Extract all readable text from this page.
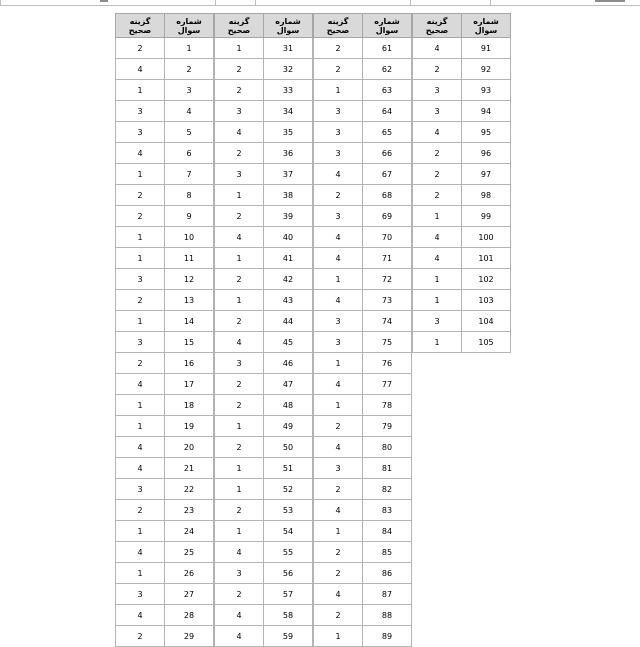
گزینه
صحیح	شماره
سوال
2	1
4	2
1	3
3	4
3	5
4	6
1	7
2	8
2	9
1	10
1	11
3	12
2	13
1	14
3	15
2	16
4	17
1	18
1	19
4	20
4	21
3	22
2	23
1	24
4	25
1	26
3	27
4	28
2	29
گزینه
صحیح	شماره
سوال
1	31
2	32
2	33
3	34
4	35
2	36
3	37
1	38
2	39
4	40
1	41
2	42
1	43
2	44
4	45
3	46
2	47
2	48
1	49
2	50
1	51
1	52
2	53
1	54
4	55
3	56
2	57
4	58
4	59
گزینه
صحیح	شماره
سوال
2	61
2	62
1	63
3	64
3	65
3	66
4	67
2	68
3	69
4	70
4	71
1	72
4	73
3	74
3	75
1	76
4	77
1	78
2	79
4	80
3	81
2	82
4	83
1	84
2	85
2	86
4	87
2	88
1	89
گزینه
صحیح	شماره
سوال
4	91
2	92
3	93
3	94
4	95
2	96
2	97
2	98
1	99
4	100
4	101
1	102
1	103
3	104
1	105
